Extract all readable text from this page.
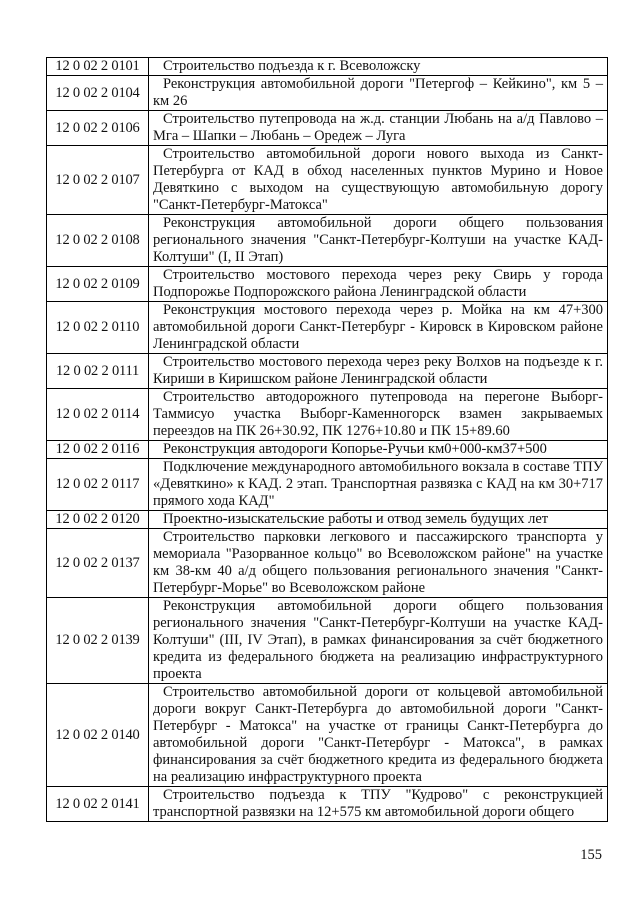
12 0 02 2 0101	Строительство подъезда к г. Всеволожску
12 0 02 2 0104	Реконструкция автомобильной дороги "Петергоф – Кейкино", км 5 – км 26
12 0 02 2 0106	Строительство путепровода на ж.д. станции Любань на а/д Павлово – Мга – Шапки – Любань – Оредеж – Луга
12 0 02 2 0107	Строительство автомобильной дороги нового выхода из Санкт-Петербурга от КАД в обход населенных пунктов Мурино и Новое Девяткино с выходом на существующую автомобильную дорогу "Санкт-Петербург-Матокса"
12 0 02 2 0108	Реконструкция автомобильной дороги общего пользования регионального значения "Санкт-Петербург-Колтуши на участке КАД-Колтуши" (I, II Этап)
12 0 02 2 0109	Строительство мостового перехода через реку Свирь у города Подпорожье Подпорожского района Ленинградской области
12 0 02 2 0110	Реконструкция мостового перехода через р. Мойка на км 47+300 автомобильной дороги Санкт-Петербург - Кировск в Кировском районе Ленинградской области
12 0 02 2 0111	Строительство мостового перехода через реку Волхов на подъезде к г. Кириши в Киришском районе Ленинградской области
12 0 02 2 0114	Строительство автодорожного путепровода на перегоне Выборг-Таммисуо участка Выборг-Каменногорск взамен закрываемых переездов на ПК 26+30.92, ПК 1276+10.80 и ПК 15+89.60
12 0 02 2 0116	Реконструкция автодороги Копорье-Ручьи км0+000-км37+500
12 0 02 2 0117	Подключение международного автомобильного вокзала в составе ТПУ «Девяткино» к КАД. 2 этап. Транспортная развязка с КАД на км 30+717 прямого хода КАД"
12 0 02 2 0120	Проектно-изыскательские работы и отвод земель будущих лет
12 0 02 2 0137	Строительство парковки легкового и пассажирского транспорта у мемориала "Разорванное кольцо" во Всеволожском районе" на участке км 38-км 40 а/д общего пользования регионального значения "Санкт-Петербург-Морье" во Всеволожском районе
12 0 02 2 0139	Реконструкция автомобильной дороги общего пользования регионального значения "Санкт-Петербург-Колтуши на участке КАД-Колтуши" (III, IV Этап), в рамках финансирования за счёт бюджетного кредита из федерального бюджета на реализацию инфраструктурного проекта
12 0 02 2 0140	Строительство автомобильной дороги от кольцевой автомобильной дороги вокруг Санкт-Петербурга до автомобильной дороги "Санкт-Петербург - Матокса" на участке от границы Санкт-Петербурга до автомобильной дороги "Санкт-Петербург - Матокса", в рамках финансирования за счёт бюджетного кредита из федерального бюджета на реализацию инфраструктурного проекта
12 0 02 2 0141	Строительство подъезда к ТПУ "Кудрово" с реконструкцией транспортной развязки на 12+575 км автомобильной дороги общего
155
